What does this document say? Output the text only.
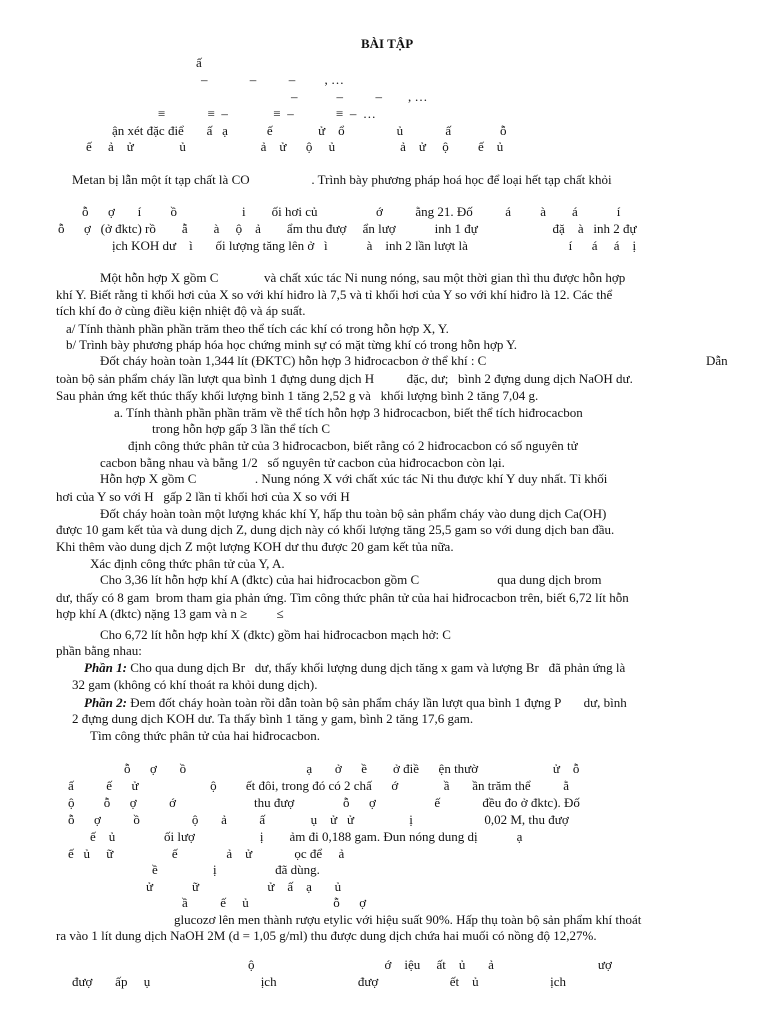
BÀI TẬP
ấ
–             –          –         , …
–            –          –        , …
≡             ≡  –              ≡  –             ≡  –  …
ận xét đặc điể       ấ   ạ            ế              ử    ổ                ủ             ấ               ỗ
ế     ả    ử              ủ                       ả    ử      ộ     ủ                    ả    ử     ộ         ế    ủ
Metan bị lẫn một ít tạp chất là CO                   . Trình bày phương pháp hoá học để loại hết tạp chất khỏi
ỗ      ợ       í         ồ                    i        ối hơi củ                  ớ          ằng 21. Đố          á         à        á            í
ỗ      ợ   (ở đktc) rồ        ẫ        à     ộ    ả        ẩm thu đượ     ẩn lượ            inh 1 đự                       đặ    à   inh 2 đự
ịch KOH dư    ì       ối lượng tăng lên ở   ì            à    inh 2 lần lượt là                               í      á     á    ị
Một hỗn hợp X gồm C              và chất xúc tác Ni nung nóng, sau một thời gian thì thu được hỗn hợp
khí Y. Biết rằng tỉ khối hơi của X so với khí hiđro là 7,5 và tỉ khối hơi của Y so với khí hiđro là 12. Các thể
tích khí đo ở cùng điều kiện nhiệt độ và áp suất.
a/ Tính thành phần phần trăm theo thể tích các khí có trong hỗn hợp X, Y.
b/ Trình bày phương pháp hóa học chứng minh sự có mặt từng khí có trong hỗn hợp Y.
Đốt cháy hoàn toàn 1,344 lít (ĐKTC) hỗn hợp 3 hiđrocacbon ở thể khí : C	Dẫn
toàn bộ sản phẩm cháy lần lượt qua bình 1 đựng dung dịch H          đặc, dư;   bình 2 đựng dung dịch NaOH dư.
Sau phản ứng kết thúc thấy khối lượng bình 1 tăng 2,52 g và   khối lượng bình 2 tăng 7,04 g.
a. Tính thành phần phần trăm về thể tích hỗn hợp 3 hiđrocacbon, biết thể tích hiđrocacbon
trong hỗn hợp gấp 3 lần thể tích C
định công thức phân tử của 3 hiđrocacbon, biết rằng có 2 hiđrocacbon có số nguyên tử
cacbon bằng nhau và bằng 1/2   số nguyên tử cacbon của hiđrocacbon còn lại.
Hỗn hợp X gồm C                  . Nung nóng X với chất xúc tác Ni thu được khí Y duy nhất. Tỉ khối
hơi của Y so với H   gấp 2 lần tỉ khối hơi của X so với H
Đốt cháy hoàn toàn một lượng khác khí Y, hấp thu toàn bộ sản phẩm cháy vào dung dịch Ca(OH)
được 10 gam kết tủa và dung dịch Z, dung dịch này có khối lượng tăng 25,5 gam so với dung dịch ban đầu.
Khi thêm vào dung dịch Z một lượng KOH dư thu được 20 gam kết tủa nữa.
Xác định công thức phân tử của Y, A.
Cho 3,36 lít hỗn hợp khí A (đktc) của hai hiđrocacbon gồm C                        qua dung dịch brom
dư, thấy có 8 gam  brom tham gia phản ứng. Tìm công thức phân tử của hai hiđrocacbon trên, biết 6,72 lít hỗn
hợp khí A (đktc) nặng 13 gam và n ≥         ≤
Cho 6,72 lít hỗn hợp khí X (đktc) gồm hai hiđrocacbon mạch hở: C
phần bằng nhau:
Phần 1: Cho qua dung dịch Br   dư, thấy khối lượng dung dịch tăng x gam và lượng Br   đã phản ứng là
32 gam (không có khí thoát ra khỏi dung dịch).
Phần 2: Đem đốt cháy hoàn toàn rồi dẫn toàn bộ sản phẩm cháy lần lượt qua bình 1 đựng P       dư, bình
2 đựng dung dịch KOH dư. Ta thấy bình 1 tăng y gam, bình 2 tăng 17,6 gam.
Tìm công thức phân tử của hai hiđrocacbon.
ỗ      ợ       ồ                                     ạ       ở      ề        ở điề      ện thườ                       ử    ỗ
ấ          ế      ử                      ộ         ết đôi, trong đó có 2 chấ      ớ              ầ       ần trăm thể          ằ
ộ         ỗ      ợ          ớ                        thu đượ               ỗ      ợ                  ế             đều đo ở đktc). Đố
ỗ      ợ          ồ                ộ       ả          ấ              ụ    ử   ử                 ị                      0,02 M, thu đượ
ế    ủ               ối lượ                    ị        ảm đi 0,188 gam. Đun nóng dung dị            ạ
ế   ủ     ữ                  ế               ả    ử             ọc để     ả
ề                 ị                  đã dùng.
ử            ữ                     ử    ấ    ạ       ủ
ầ          ế     ủ                          ỗ      ợ
glucozơ lên men thành rượu etylic với hiệu suất 90%. Hấp thụ toàn bộ sản phẩm khí thoát
ra vào 1 lít dung dịch NaOH 2M (d = 1,05 g/ml) thu được dung dịch chứa hai muối có nồng độ 12,27%.
ộ                                        ớ    iệu     ất    ủ       ả                                ượ
đượ       ấp     ụ                                  ịch                         đượ                      ết    ủ                      ịch
